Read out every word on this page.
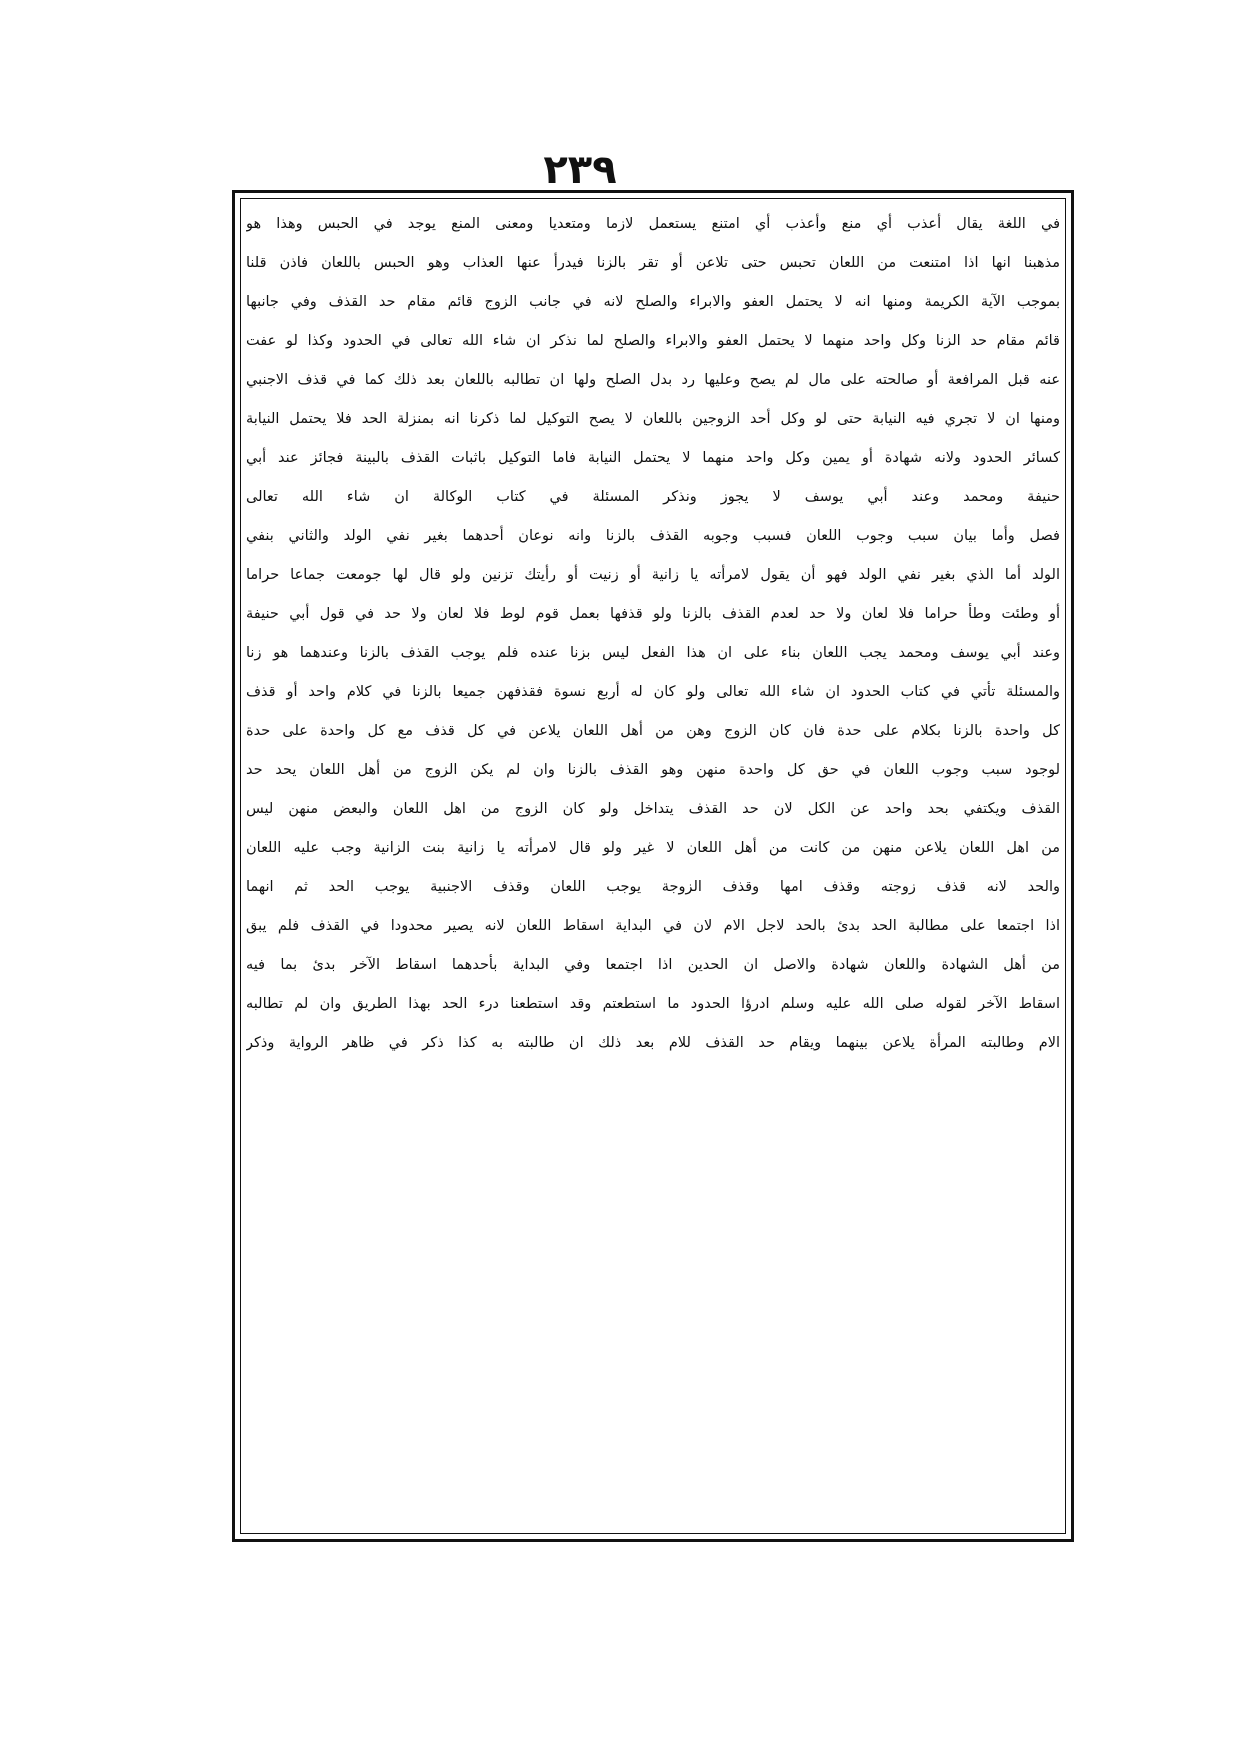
٢٣٩
في اللغة يقال أعذب أي منع وأعذب أي امتنع يستعمل لازما ومتعديا ومعنى المنع يوجد في الحبس وهذا هو
مذهبنا انها اذا امتنعت من اللعان تحبس حتى تلاعن أو تقر بالزنا فيدرأ عنها العذاب وهو الحبس باللعان فاذن قلنا
بموجب الآية الكريمة ومنها انه لا يحتمل العفو والابراء والصلح لانه في جانب الزوج قائم مقام حد القذف وفي جانبها
قائم مقام حد الزنا وكل واحد منهما لا يحتمل العفو والابراء والصلح لما نذكر ان شاء الله تعالى في الحدود وكذا لو عفت
عنه قبل المرافعة أو صالحته على مال لم يصح وعليها رد بدل الصلح ولها ان تطالبه باللعان بعد ذلك كما في قذف الاجنبي
ومنها ان لا تجري فيه النيابة حتى لو وكل أحد الزوجين باللعان لا يصح التوكيل لما ذكرنا انه بمنزلة الحد فلا يحتمل النيابة
كسائر الحدود ولانه شهادة أو يمين وكل واحد منهما لا يحتمل النيابة فاما التوكيل باثبات القذف بالبينة فجائز عند أبي
حنيفة ومحمد وعند أبي يوسف لا يجوز ونذكر المسئلة في كتاب الوكالة ان شاء الله تعالى
فصل وأما بيان سبب وجوب اللعان فسبب وجوبه القذف بالزنا وانه نوعان أحدهما بغير نفي الولد والثاني بنفي
الولد أما الذي بغير نفي الولد فهو أن يقول لامرأته يا زانية أو زنيت أو رأيتك تزنين ولو قال لها جومعت جماعا حراما
أو وطئت وطأ حراما فلا لعان ولا حد لعدم القذف بالزنا ولو قذفها بعمل قوم لوط فلا لعان ولا حد في قول أبي حنيفة
وعند أبي يوسف ومحمد يجب اللعان بناء على ان هذا الفعل ليس بزنا عنده فلم يوجب القذف بالزنا وعندهما هو زنا
والمسئلة تأتي في كتاب الحدود ان شاء الله تعالى ولو كان له أربع نسوة فقذفهن جميعا بالزنا في كلام واحد أو قذف
كل واحدة بالزنا بكلام على حدة فان كان الزوج وهن من أهل اللعان يلاعن في كل قذف مع كل واحدة على حدة
لوجود سبب وجوب اللعان في حق كل واحدة منهن وهو القذف بالزنا وان لم يكن الزوج من أهل اللعان يحد حد
القذف ويكتفي بحد واحد عن الكل لان حد القذف يتداخل ولو كان الزوج من اهل اللعان والبعض منهن ليس
من اهل اللعان يلاعن منهن من كانت من أهل اللعان لا غير ولو قال لامرأته يا زانية بنت الزانية وجب عليه اللعان
والحد لانه قذف زوجته وقذف امها وقذف الزوجة يوجب اللعان وقذف الاجنبية يوجب الحد ثم انهما
اذا اجتمعا على مطالبة الحد بدئ بالحد لاجل الام لان في البداية اسقاط اللعان لانه يصير محدودا في القذف فلم يبق
من أهل الشهادة واللعان شهادة والاصل ان الحدين اذا اجتمعا وفي البداية بأحدهما اسقاط الآخر بدئ بما فيه
اسقاط الآخر لقوله صلى الله عليه وسلم ادرؤا الحدود ما استطعتم وقد استطعنا درء الحد بهذا الطريق وان لم تطالبه
الام وطالبته المرأة يلاعن بينهما ويقام حد القذف للام بعد ذلك ان طالبته به كذا ذكر في ظاهر الرواية وذكر
